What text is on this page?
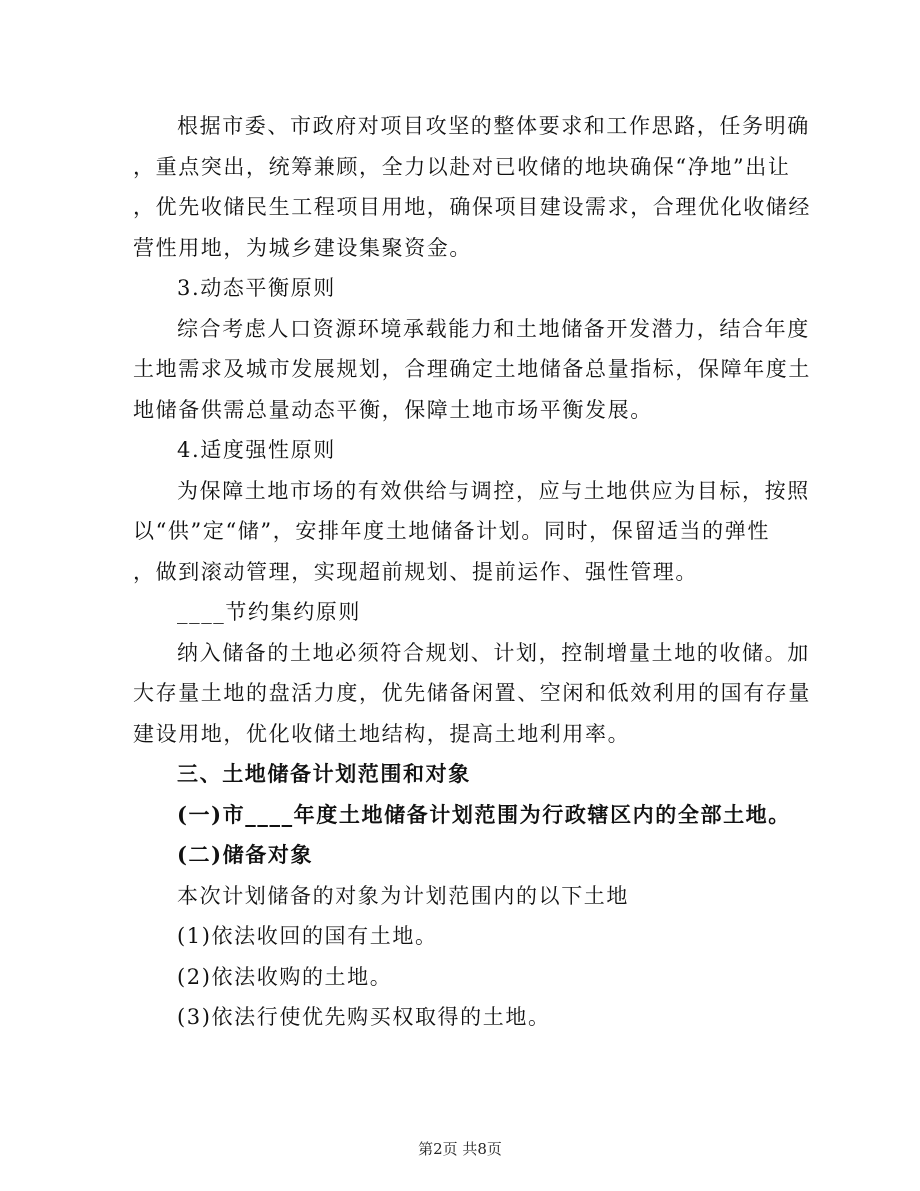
根据市委、市政府对项目攻坚的整体要求和工作思路，任务明确
，重点突出，统筹兼顾，全力以赴对已收储的地块确保“净地”出让
，优先收储民生工程项目用地，确保项目建设需求，合理优化收储经
营性用地，为城乡建设集聚资金。
3.动态平衡原则
综合考虑人口资源环境承载能力和土地储备开发潜力，结合年度
土地需求及城市发展规划，合理确定土地储备总量指标，保障年度土
地储备供需总量动态平衡，保障土地市场平衡发展。
4.适度强性原则
为保障土地市场的有效供给与调控，应与土地供应为目标，按照
以“供”定“储”，安排年度土地储备计划。同时，保留适当的弹性
，做到滚动管理，实现超前规划、提前运作、强性管理。
____节约集约原则
纳入储备的土地必须符合规划、计划，控制增量土地的收储。加
大存量土地的盘活力度，优先储备闲置、空闲和低效利用的国有存量
建设用地，优化收储土地结构，提高土地利用率。
三、土地储备计划范围和对象
(一)市____年度土地储备计划范围为行政辖区内的全部土地。
(二)储备对象
本次计划储备的对象为计划范围内的以下土地
(1)依法收回的国有土地。
(2)依法收购的土地。
(3)依法行使优先购买权取得的土地。
第2页 共8页
